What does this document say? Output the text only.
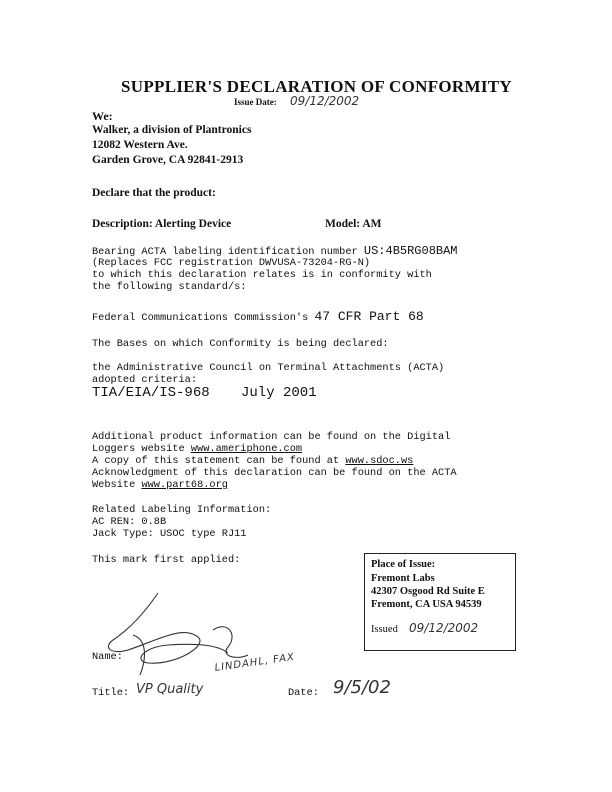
SUPPLIER'S DECLARATION OF CONFORMITY
Issue Date: 09/12/2002
We:
Walker, a division of Plantronics
12082 Western Ave.
Garden Grove, CA 92841-2913
Declare that the product:
Description: Alerting Device	Model: AM
Bearing ACTA labeling identification number US:4B5RG08BAM
(Replaces FCC registration DWVUSA-73204-RG-N)
to which this declaration relates is in conformity with
the following standard/s:
Federal Communications Commission's 47 CFR Part 68
The Bases on which Conformity is being declared:
the Administrative Council on Terminal Attachments (ACTA)
adopted criteria:
TIA/EIA/IS-968 July 2001
Additional product information can be found on the Digital
Loggers website www.ameriphone.com
A copy of this statement can be found at www.sdoc.ws
Acknowledgment of this declaration can be found on the ACTA
Website www.part68.org
Related Labeling Information:
AC REN: 0.8B
Jack Type: USOC type RJ11
This mark first applied:	Place of Issue:
Fremont Labs
42307 Osgood Rd Suite E
Fremont, CA USA 94539
Issued 09/12/2002
Name:	LINDAHL, FAX
Title: VP Quality	Date: 9/5/02
